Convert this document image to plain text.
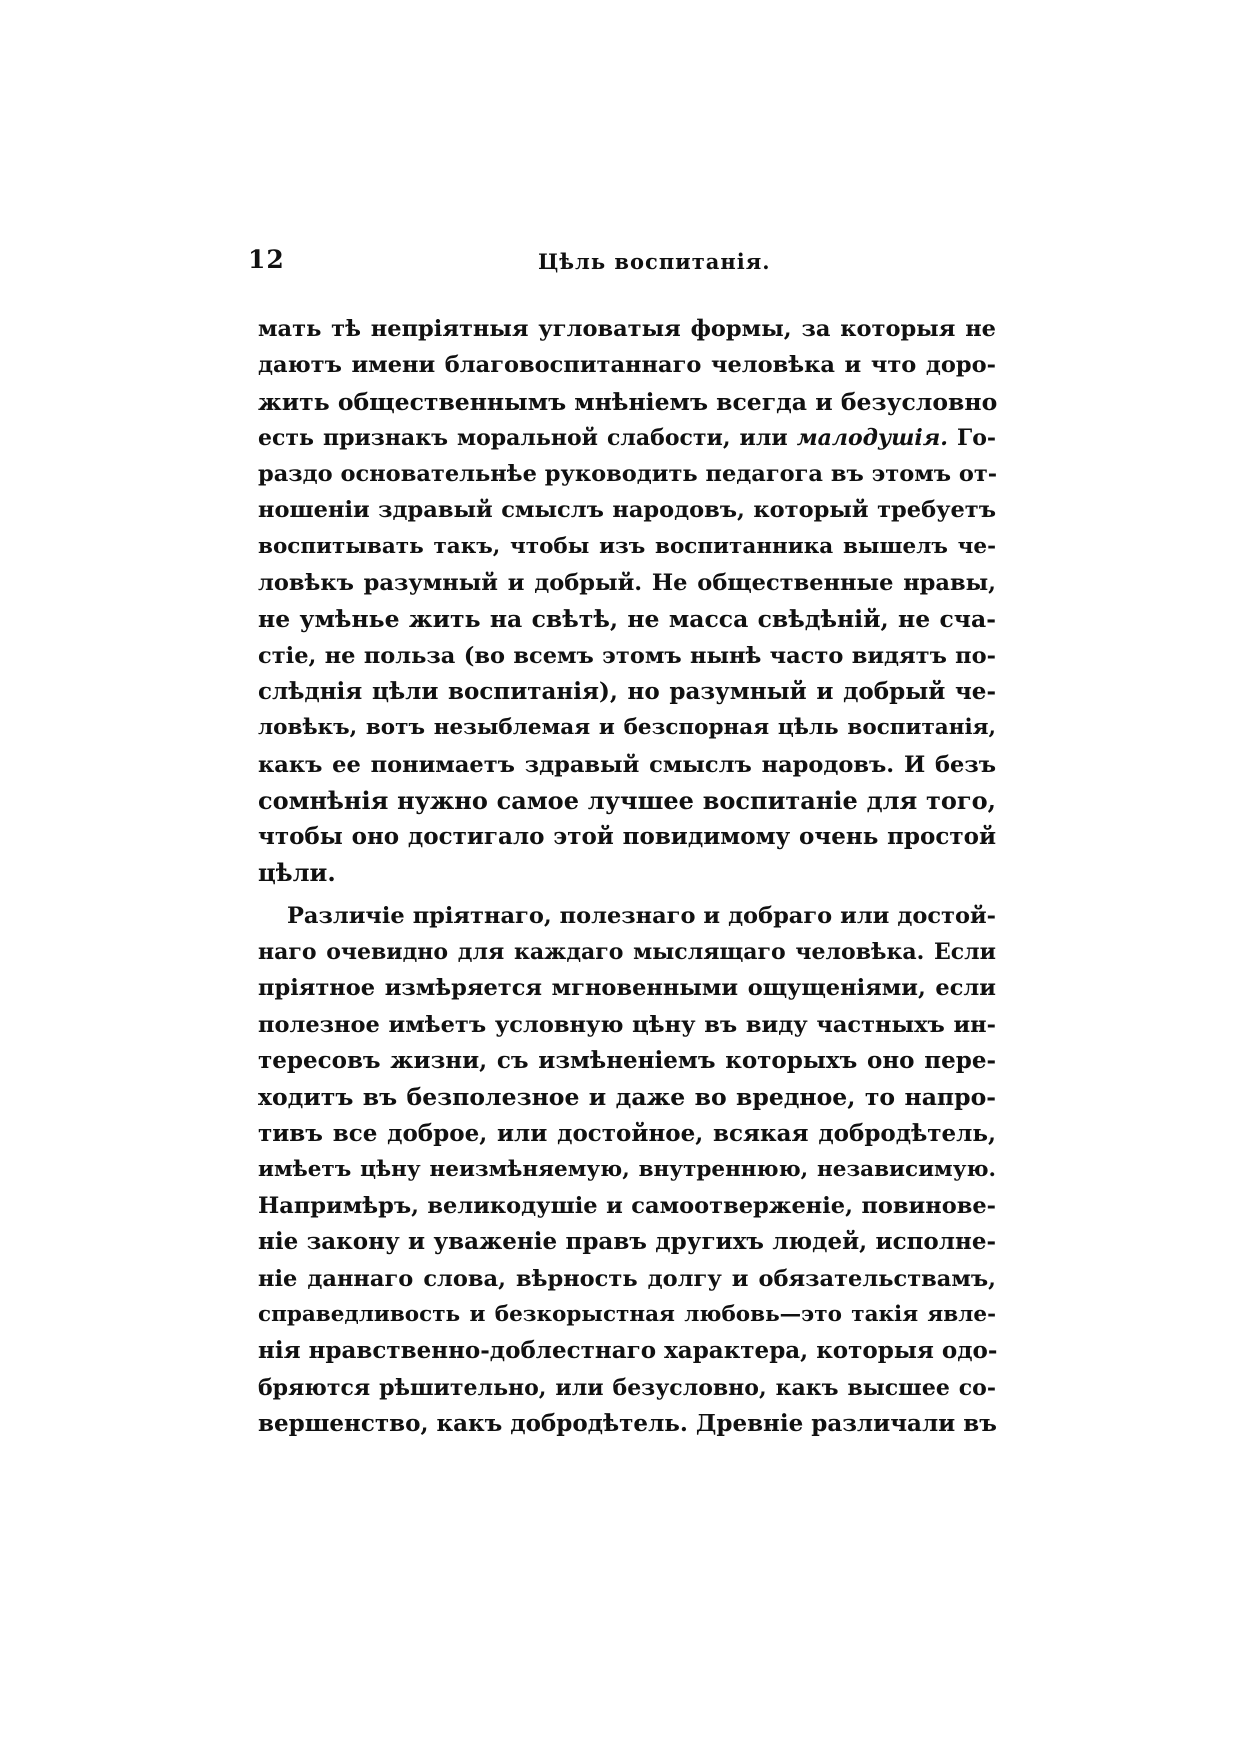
12	Цѣль воспитанія.
мать тѣ непріятныя угловатыя формы, за которыя не
даютъ имени благовоспитаннаго человѣка и что доро-
жить общественнымъ мнѣніемъ всегда и безусловно
есть признакъ моральной слабости, или малодушія. Го-
раздо основательнѣе руководить педагога въ этомъ от-
ношеніи здравый смыслъ народовъ, который требуетъ
воспитывать такъ, чтобы изъ воспитанника вышелъ че-
ловѣкъ разумный и добрый. Не общественные нравы,
не умѣнье жить на свѣтѣ, не масса свѣдѣній, не сча-
стіе, не польза (во всемъ этомъ нынѣ часто видятъ по-
слѣднія цѣли воспитанія), но разумный и добрый че-
ловѣкъ, вотъ незыблемая и безспорная цѣль воспитанія,
какъ ее понимаетъ здравый смыслъ народовъ. И безъ
сомнѣнія нужно самое лучшее воспитаніе для того,
чтобы оно достигало этой повидимому очень простой
цѣли.
Различіе пріятнаго, полезнаго и добраго или достой-
наго очевидно для каждаго мыслящаго человѣка. Если
пріятное измѣряется мгновенными ощущеніями, если
полезное имѣетъ условную цѣну въ виду частныхъ ин-
тересовъ жизни, съ измѣненіемъ которыхъ оно пере-
ходитъ въ безполезное и даже во вредное, то напро-
тивъ все доброе, или достойное, всякая добродѣтель,
имѣетъ цѣну неизмѣняемую, внутреннюю, независимую.
Напримѣръ, великодушіе и самоотверженіе, повинове-
ніе закону и уваженіе правъ другихъ людей, исполне-
ніе даннаго слова, вѣрность долгу и обязательствамъ,
справедливость и безкорыстная любовь—это такія явле-
нія нравственно-доблестнаго характера, которыя одо-
бряются рѣшительно, или безусловно, какъ высшее со-
вершенство, какъ добродѣтель. Древніе различали въ
